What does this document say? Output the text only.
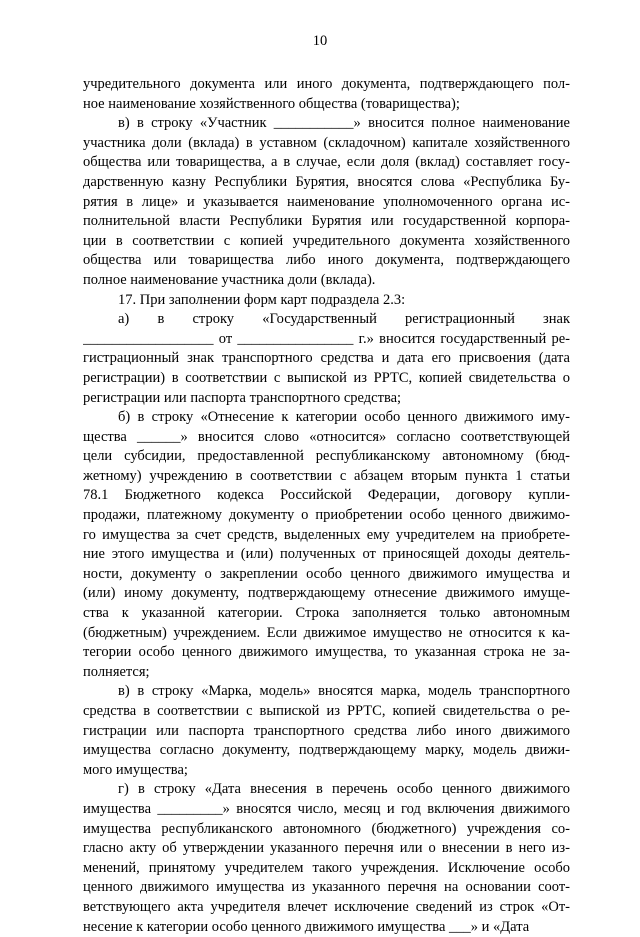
10
учредительного документа или иного документа, подтверждающего пол-
ное наименование хозяйственного общества (товарищества);
в) в строку «Участник ___________» вносится полное наименование
участника доли (вклада) в уставном (складочном) капитале хозяйственного
общества или товарищества, а в случае, если доля (вклад) составляет госу-
дарственную казну Республики Бурятия, вносятся слова «Республика Бу-
рятия в лице» и указывается наименование уполномоченного органа ис-
полнительной власти Республики Бурятия или государственной корпора-
ции в соответствии с копией учредительного документа хозяйственного
общества или товарищества либо иного документа, подтверждающего
полное наименование участника доли (вклада).
17. При заполнении форм карт подраздела 2.3:
а) в строку «Государственный регистрационный знак
__________________ от ________________ г.» вносится государственный ре-
гистрационный знак транспортного средства и дата его присвоения (дата
регистрации) в соответствии с выпиской из РРТС, копией свидетельства о
регистрации или паспорта транспортного средства;
б) в строку «Отнесение к категории особо ценного движимого иму-
щества ______» вносится слово «относится» согласно соответствующей
цели субсидии, предоставленной республиканскому автономному (бюд-
жетному) учреждению в соответствии с абзацем вторым пункта 1 статьи
78.1 Бюджетного кодекса Российской Федерации, договору купли-
продажи, платежному документу о приобретении особо ценного движимо-
го имущества за счет средств, выделенных ему учредителем на приобрете-
ние этого имущества и (или) полученных от приносящей доходы деятель-
ности, документу о закреплении особо ценного движимого имущества и
(или) иному документу, подтверждающему отнесение движимого имуще-
ства к указанной категории. Строка заполняется только автономным
(бюджетным) учреждением. Если движимое имущество не относится к ка-
тегории особо ценного движимого имущества, то указанная строка не за-
полняется;
в) в строку «Марка, модель» вносятся марка, модель транспортного
средства в соответствии с выпиской из РРТС, копией свидетельства о ре-
гистрации или паспорта транспортного средства либо иного движимого
имущества согласно документу, подтверждающему марку, модель движи-
мого имущества;
г) в строку «Дата внесения в перечень особо ценного движимого
имущества _________» вносятся число, месяц и год включения движимого
имущества республиканского автономного (бюджетного) учреждения со-
гласно акту об утверждении указанного перечня или о внесении в него из-
менений, принятому учредителем такого учреждения. Исключение особо
ценного движимого имущества из указанного перечня на основании соот-
ветствующего акта учредителя влечет исключение сведений из строк «От-
несение к категории особо ценного движимого имущества ___» и «Дата
